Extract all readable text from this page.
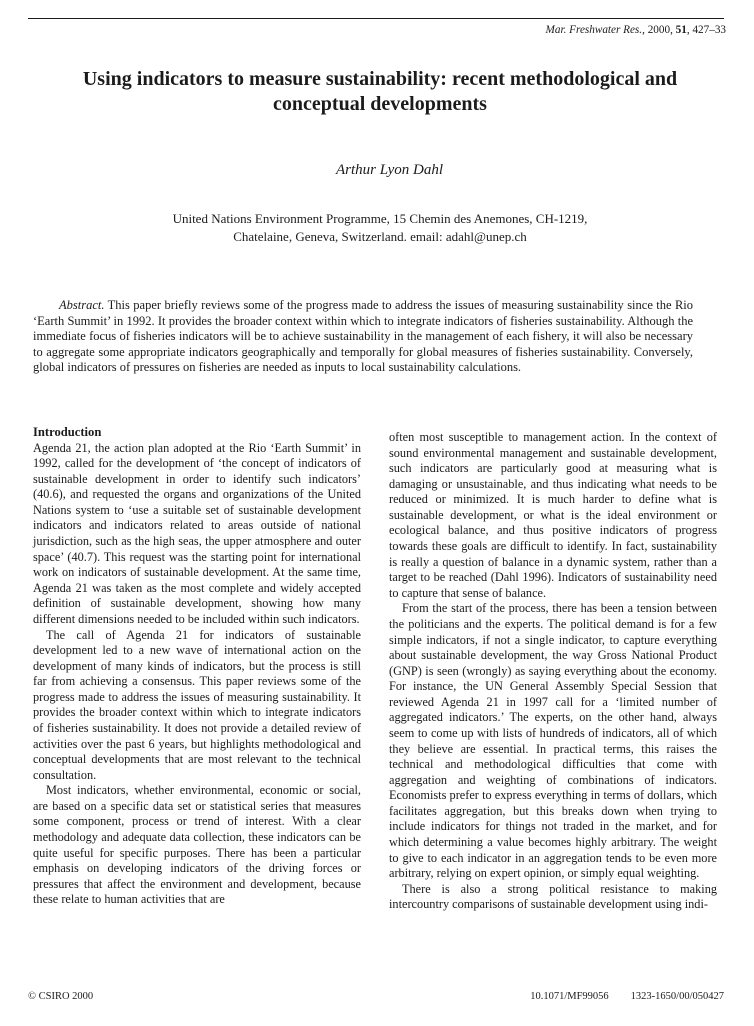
Mar. Freshwater Res., 2000, 51, 427–33
Using indicators to measure sustainability: recent methodological and conceptual developments
Arthur Lyon Dahl
United Nations Environment Programme, 15 Chemin des Anemones, CH-1219,
Chatelaine, Geneva, Switzerland. email: adahl@unep.ch
Abstract. This paper briefly reviews some of the progress made to address the issues of measuring sustainability since the Rio ‘Earth Summit’ in 1992. It provides the broader context within which to integrate indicators of fisheries sustainability. Although the immediate focus of fisheries indicators will be to achieve sustainability in the management of each fishery, it will also be necessary to aggregate some appropriate indicators geographically and temporally for global measures of fisheries sustainability. Conversely, global indicators of pressures on fisheries are needed as inputs to local sustainability calculations.
Introduction

Agenda 21, the action plan adopted at the Rio ‘Earth Summit’ in 1992, called for the development of ‘the concept of indicators of sustainable development in order to identify such indicators’ (40.6), and requested the organs and organizations of the United Nations system to ‘use a suitable set of sustainable development indicators and indicators related to areas outside of national jurisdiction, such as the high seas, the upper atmosphere and outer space’ (40.7). This request was the starting point for international work on indicators of sustainable development. At the same time, Agenda 21 was taken as the most complete and widely accepted definition of sustainable development, showing how many different dimensions needed to be included within such indicators.

The call of Agenda 21 for indicators of sustainable development led to a new wave of international action on the development of many kinds of indicators, but the process is still far from achieving a consensus. This paper reviews some of the progress made to address the issues of measuring sustainability. It provides the broader context within which to integrate indicators of fisheries sustainability. It does not provide a detailed review of activities over the past 6 years, but highlights methodological and conceptual developments that are most relevant to the technical consultation.

Most indicators, whether environmental, economic or social, are based on a specific data set or statistical series that measures some component, process or trend of interest. With a clear methodology and adequate data collection, these indicators can be quite useful for specific purposes. There has been a particular emphasis on developing indicators of the driving forces or pressures that affect the environment and development, because these relate to human activities that are

often most susceptible to management action. In the context of sound environmental management and sustainable development, such indicators are particularly good at measuring what is damaging or unsustainable, and thus indicating what needs to be reduced or minimized. It is much harder to define what is sustainable development, or what is the ideal environment or ecological balance, and thus positive indicators of progress towards these goals are difficult to identify. In fact, sustainability is really a question of balance in a dynamic system, rather than a target to be reached (Dahl 1996). Indicators of sustainability need to capture that sense of balance.

From the start of the process, there has been a tension between the politicians and the experts. The political demand is for a few simple indicators, if not a single indicator, to capture everything about sustainable development, the way Gross National Product (GNP) is seen (wrongly) as saying everything about the economy. For instance, the UN General Assembly Special Session that reviewed Agenda 21 in 1997 call for a ‘limited number of aggregated indicators.’ The experts, on the other hand, always seem to come up with lists of hundreds of indicators, all of which they believe are essential. In practical terms, this raises the technical and methodological difficulties that come with aggregation and weighting of combinations of indicators. Economists prefer to express everything in terms of dollars, which facilitates aggregation, but this breaks down when trying to include indicators for things not traded in the market, and for which determining a value becomes highly arbitrary. The weight to give to each indicator in an aggregation tends to be even more arbitrary, relying on expert opinion, or simply equal weighting.

There is also a strong political resistance to making intercountry comparisons of sustainable development using indi-

© CSIRO 2000	10.1071/MF99056 1323-1650/00/050427
